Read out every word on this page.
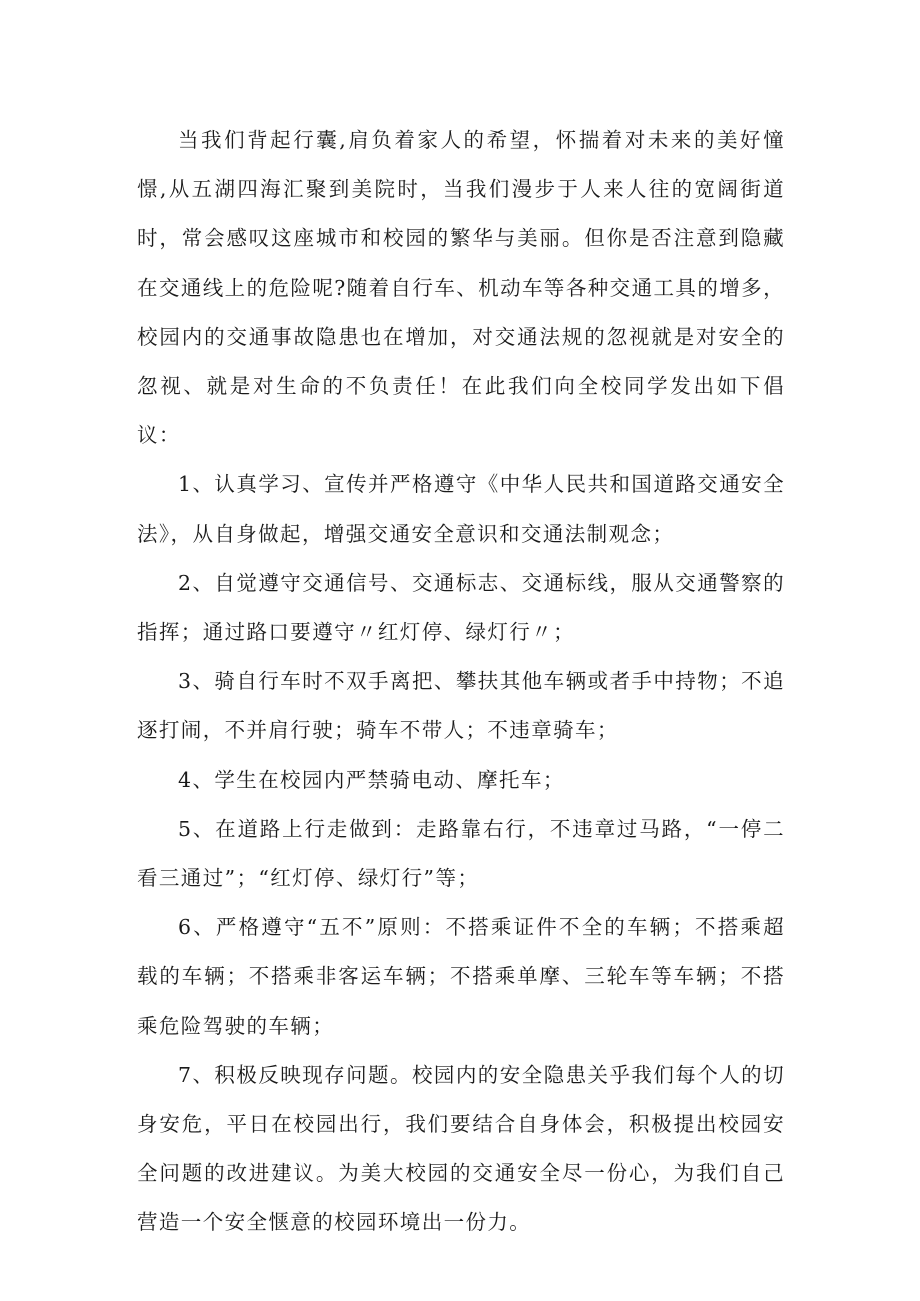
当我们背起行囊,肩负着家人的希望，怀揣着对未来的美好憧憬,从五湖四海汇聚到美院时，当我们漫步于人来人往的宽阔街道时，常会感叹这座城市和校园的繁华与美丽。但你是否注意到隐藏在交通线上的危险呢?随着自行车、机动车等各种交通工具的增多，校园内的交通事故隐患也在增加，对交通法规的忽视就是对安全的忽视、就是对生命的不负责任！在此我们向全校同学发出如下倡议：

1、认真学习、宣传并严格遵守《中华人民共和国道路交通安全法》，从自身做起，增强交通安全意识和交通法制观念；

2、自觉遵守交通信号、交通标志、交通标线，服从交通警察的指挥；通过路口要遵守〃红灯停、绿灯行〃；

3、骑自行车时不双手离把、攀扶其他车辆或者手中持物；不追逐打闹，不并肩行驶；骑车不带人；不违章骑车；

4、学生在校园内严禁骑电动、摩托车；

5、在道路上行走做到：走路靠右行，不违章过马路，“一停二看三通过”；“红灯停、绿灯行”等；

6、严格遵守“五不”原则：不搭乘证件不全的车辆；不搭乘超载的车辆；不搭乘非客运车辆；不搭乘单摩、三轮车等车辆；不搭乘危险驾驶的车辆；

7、积极反映现存问题。校园内的安全隐患关乎我们每个人的切身安危，平日在校园出行，我们要结合自身体会，积极提出校园安全问题的改进建议。为美大校园的交通安全尽一份心，为我们自己营造一个安全惬意的校园环境出一份力。
